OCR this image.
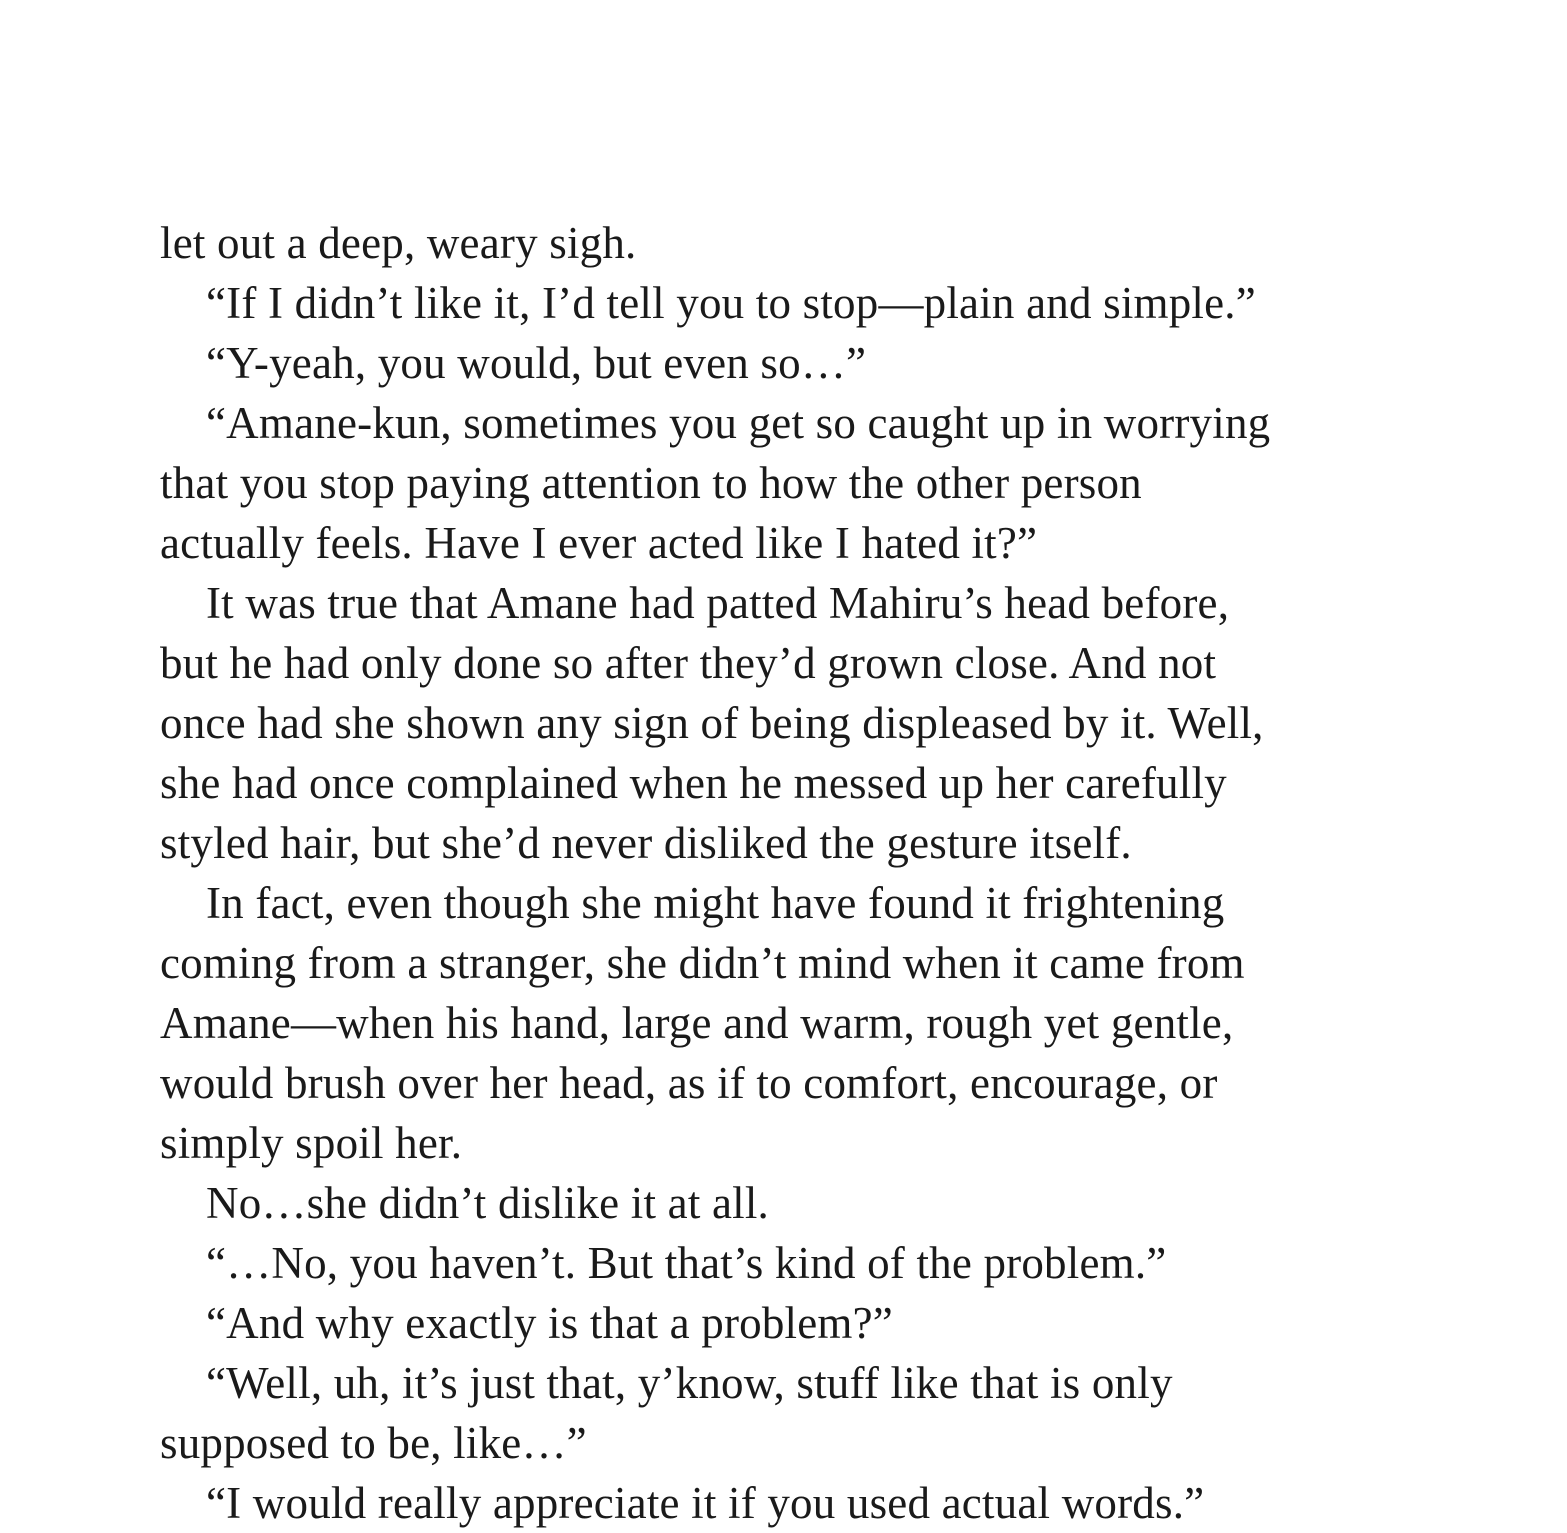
let out a deep, weary sigh.
“If I didn’t like it, I’d tell you to stop—plain and simple.”
“Y-yeah, you would, but even so…”
“Amane-kun, sometimes you get so caught up in worrying
that you stop paying attention to how the other person
actually feels. Have I ever acted like I hated it?”
It was true that Amane had patted Mahiru’s head before,
but he had only done so after they’d grown close. And not
once had she shown any sign of being displeased by it. Well,
she had once complained when he messed up her carefully
styled hair, but she’d never disliked the gesture itself.
In fact, even though she might have found it frightening
coming from a stranger, she didn’t mind when it came from
Amane—when his hand, large and warm, rough yet gentle,
would brush over her head, as if to comfort, encourage, or
simply spoil her.
No…she didn’t dislike it at all.
“…No, you haven’t. But that’s kind of the problem.”
“And why exactly is that a problem?”
“Well, uh, it’s just that, y’know, stuff like that is only
supposed to be, like…”
“I would really appreciate it if you used actual words.”
